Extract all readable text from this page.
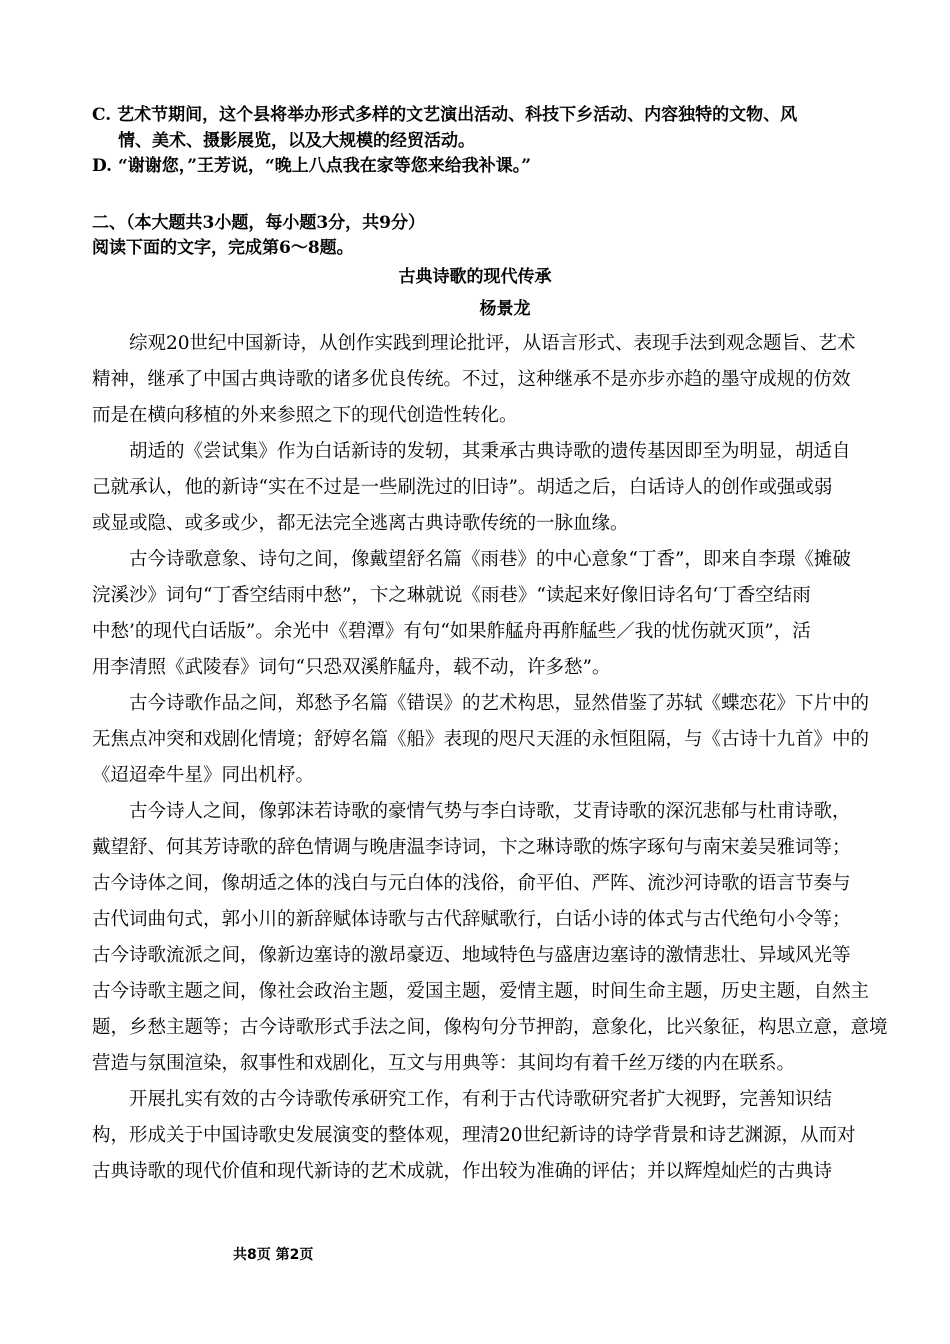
C. 艺术节期间，这个县将举办形式多样的文艺演出活动、科技下乡活动、内容独特的文物、风
情、美术、摄影展览，以及大规模的经贸活动。
D. “谢谢您，”王芳说，“晚上八点我在家等您来给我补课。”
二、（本大题共3小题，每小题3分，共9分）
阅读下面的文字，完成第6～8题。
古典诗歌的现代传承
杨景龙
综观20世纪中国新诗，从创作实践到理论批评，从语言形式、表现手法到观念题旨、艺术
精神，继承了中国古典诗歌的诸多优良传统。不过，这种继承不是亦步亦趋的墨守成规的仿效
而是在横向移植的外来参照之下的现代创造性转化。
胡适的《尝试集》作为白话新诗的发轫，其秉承古典诗歌的遗传基因即至为明显，胡适自
己就承认，他的新诗“实在不过是一些刷洗过的旧诗”。胡适之后，白话诗人的创作或强或弱
或显或隐、或多或少，都无法完全逃离古典诗歌传统的一脉血缘。
古今诗歌意象、诗句之间，像戴望舒名篇《雨巷》的中心意象“丁香”，即来自李璟《摊破
浣溪沙》词句“丁香空结雨中愁”，卞之琳就说《雨巷》“读起来好像旧诗名句‘丁香空结雨
中愁’的现代白话版”。余光中《碧潭》有句“如果舴艋舟再舴艋些／我的忧伤就灭顶”，活
用李清照《武陵春》词句“只恐双溪舴艋舟，载不动，许多愁”。
古今诗歌作品之间，郑愁予名篇《错误》的艺术构思，显然借鉴了苏轼《蝶恋花》下片中的
无焦点冲突和戏剧化情境；舒婷名篇《船》表现的咫尺天涯的永恒阻隔，与《古诗十九首》中的
《迢迢牵牛星》同出机杼。
古今诗人之间，像郭沫若诗歌的豪情气势与李白诗歌，艾青诗歌的深沉悲郁与杜甫诗歌，
戴望舒、何其芳诗歌的辞色情调与晚唐温李诗词，卞之琳诗歌的炼字琢句与南宋姜吴雅词等；
古今诗体之间，像胡适之体的浅白与元白体的浅俗，俞平伯、严阵、流沙河诗歌的语言节奏与
古代词曲句式，郭小川的新辞赋体诗歌与古代辞赋歌行，白话小诗的体式与古代绝句小令等；
古今诗歌流派之间，像新边塞诗的激昂豪迈、地域特色与盛唐边塞诗的激情悲壮、异域风光等
古今诗歌主题之间，像社会政治主题，爱国主题，爱情主题，时间生命主题，历史主题，自然主
题，乡愁主题等；古今诗歌形式手法之间，像构句分节押韵，意象化，比兴象征，构思立意，意境
营造与氛围渲染，叙事性和戏剧化，互文与用典等：其间均有着千丝万缕的内在联系。
开展扎实有效的古今诗歌传承研究工作，有利于古代诗歌研究者扩大视野，完善知识结
构，形成关于中国诗歌史发展演变的整体观，理清20世纪新诗的诗学背景和诗艺渊源，从而对
古典诗歌的现代价值和现代新诗的艺术成就，作出较为准确的评估；并以辉煌灿烂的古典诗
共8页 第2页
